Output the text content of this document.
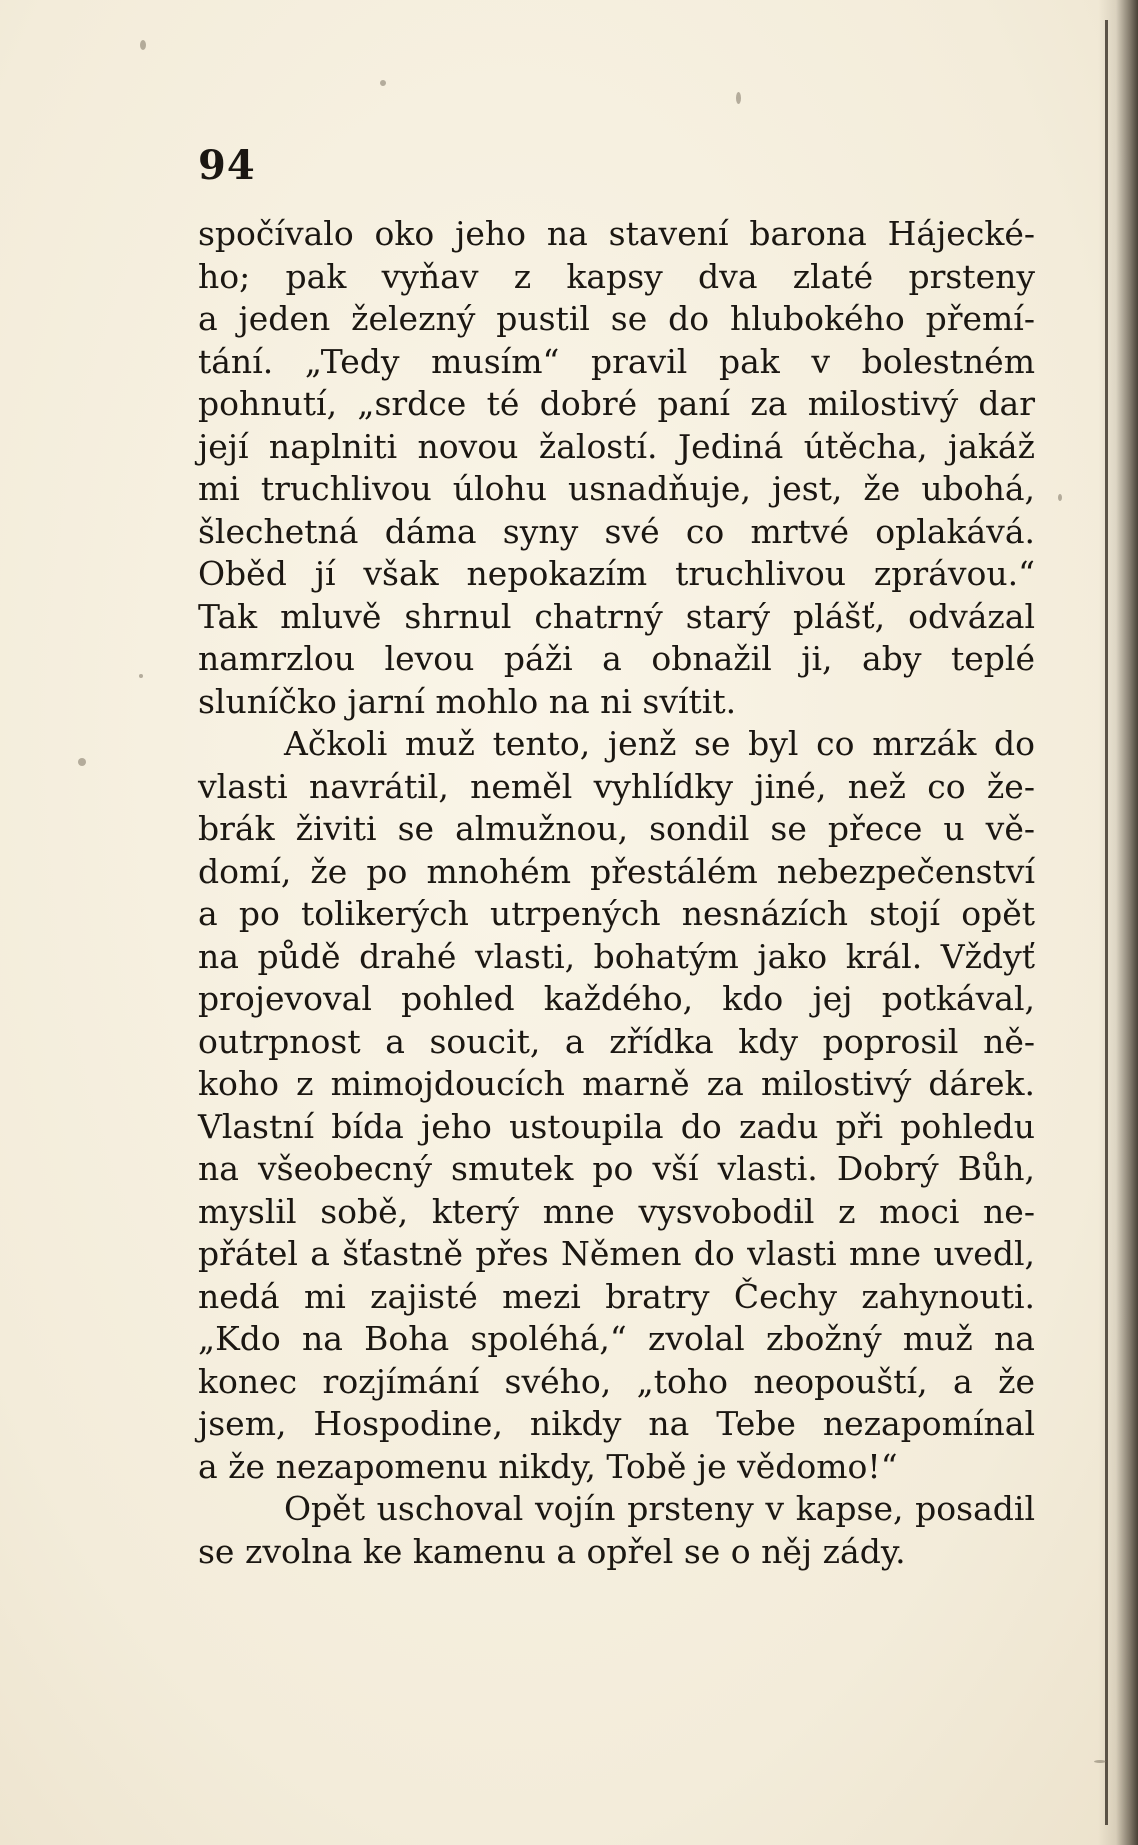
94
spočívalo oko jeho na stavení barona Hájecké-
ho; pak vyňav z kapsy dva zlaté prsteny
a jeden železný pustil se do hlubokého přemí-
tání. „Tedy musím“ pravil pak v bolestném
pohnutí, „srdce té dobré paní za milostivý dar
její naplniti novou žalostí. Jediná útěcha, jakáž
mi truchlivou úlohu usnadňuje, jest, že ubohá,
šlechetná dáma syny své co mrtvé oplakává.
Oběd jí však nepokazím truchlivou zprávou.“
Tak mluvě shrnul chatrný starý plášť, odvázal
namrzlou levou páži a obnažil ji, aby teplé
sluníčko jarní mohlo na ni svítit.
Ačkoli muž tento, jenž se byl co mrzák do
vlasti navrátil, neměl vyhlídky jiné, než co že-
brák živiti se almužnou, sondil se přece u vě-
domí, že po mnohém přestálém nebezpečenství
a po tolikerých utrpených nesnázích stojí opět
na půdě drahé vlasti, bohatým jako král. Vždyť
projevoval pohled každého, kdo jej potkával,
outrpnost a soucit, a zřídka kdy poprosil ně-
koho z mimojdoucích marně za milostivý dárek.
Vlastní bída jeho ustoupila do zadu při pohledu
na všeobecný smutek po vší vlasti. Dobrý Bůh,
myslil sobě, který mne vysvobodil z moci ne-
přátel a šťastně přes Němen do vlasti mne uvedl,
nedá mi zajisté mezi bratry Čechy zahynouti.
„Kdo na Boha spoléhá,“ zvolal zbožný muž na
konec rozjímání svého, „toho neopouští, a že
jsem, Hospodine, nikdy na Tebe nezapomínal
a že nezapomenu nikdy, Tobě je vědomo!“
Opět uschoval vojín prsteny v kapse, posadil
se zvolna ke kamenu a opřel se o něj zády.
